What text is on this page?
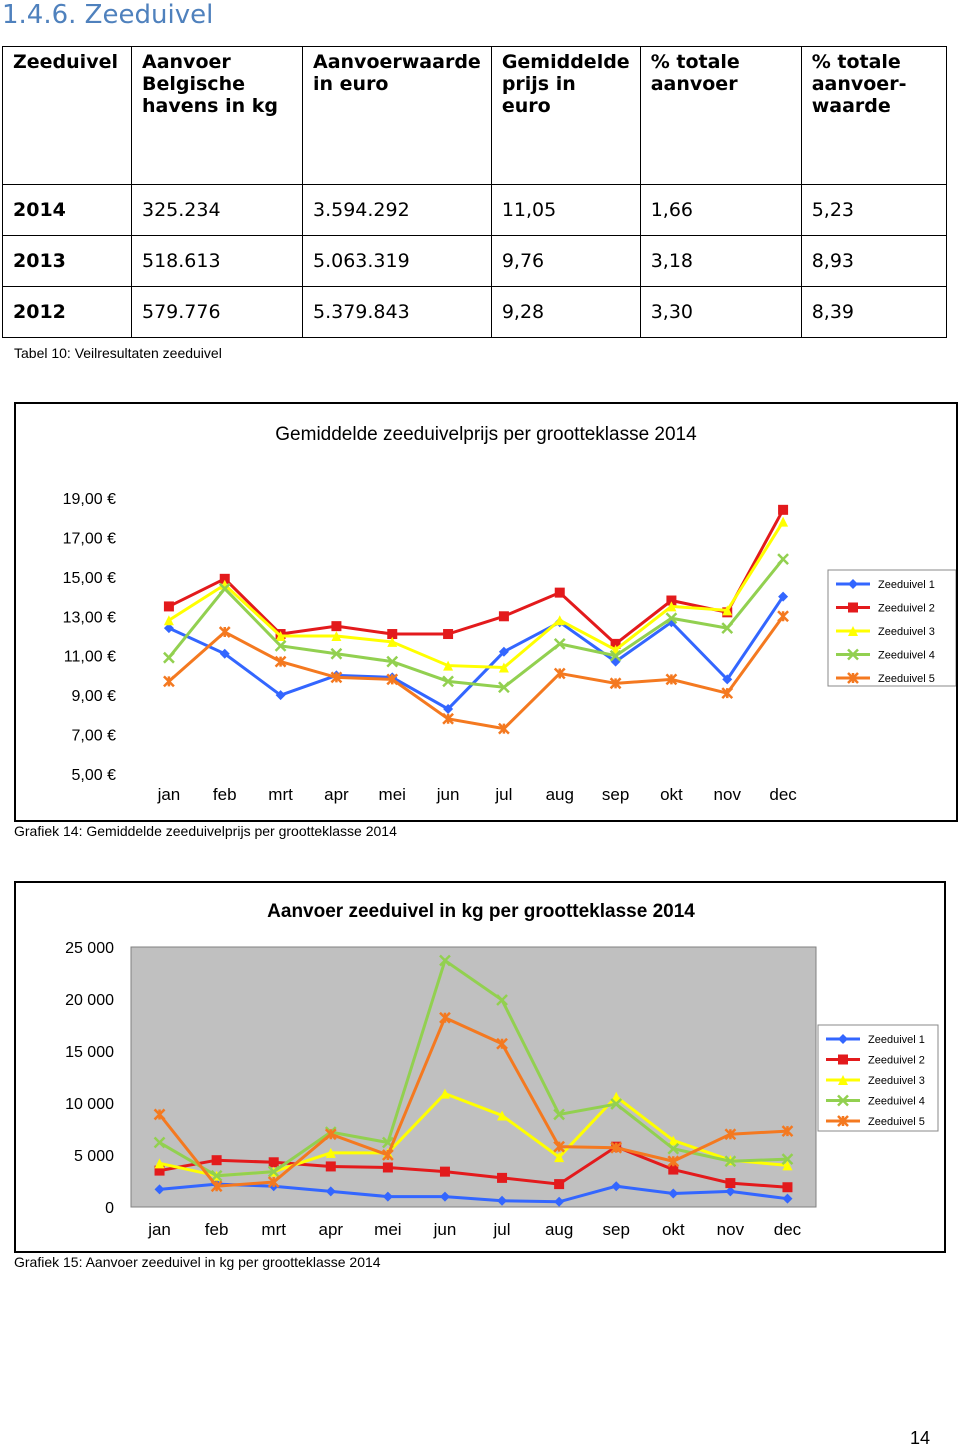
1.4.6. Zeeduivel
Zeeduivel	Aanvoer Belgische havens in kg	Aanvoerwaarde in euro	Gemiddelde prijs in euro	% totale aanvoer	% totale aanvoer-waarde
2014	325.234	3.594.292	11,05	1,66	5,23
2013	518.613	5.063.319	9,76	3,18	8,93
2012	579.776	5.379.843	9,28	3,30	8,39
Tabel 10: Veilresultaten zeeduivel
Gemiddelde zeeduivelprijs per grootteklasse 2014
19,00 €
17,00 €
15,00 €
13,00 €
11,00 €
9,00 €
7,00 €
5,00 €
jan feb mrt apr mei jun jul aug sep okt nov dec
Zeeduivel 1
Zeeduivel 2
Zeeduivel 3
Zeeduivel 4
Zeeduivel 5
Grafiek 14: Gemiddelde zeeduivelprijs per grootteklasse 2014
Aanvoer zeeduivel in kg per grootteklasse 2014
25 000
20 000
15 000
10 000
5 000
0
jan feb mrt apr mei jun jul aug sep okt nov dec
Zeeduivel 1
Zeeduivel 2
Zeeduivel 3
Zeeduivel 4
Zeeduivel 5
Grafiek 15: Aanvoer zeeduivel in kg per grootteklasse 2014
14
